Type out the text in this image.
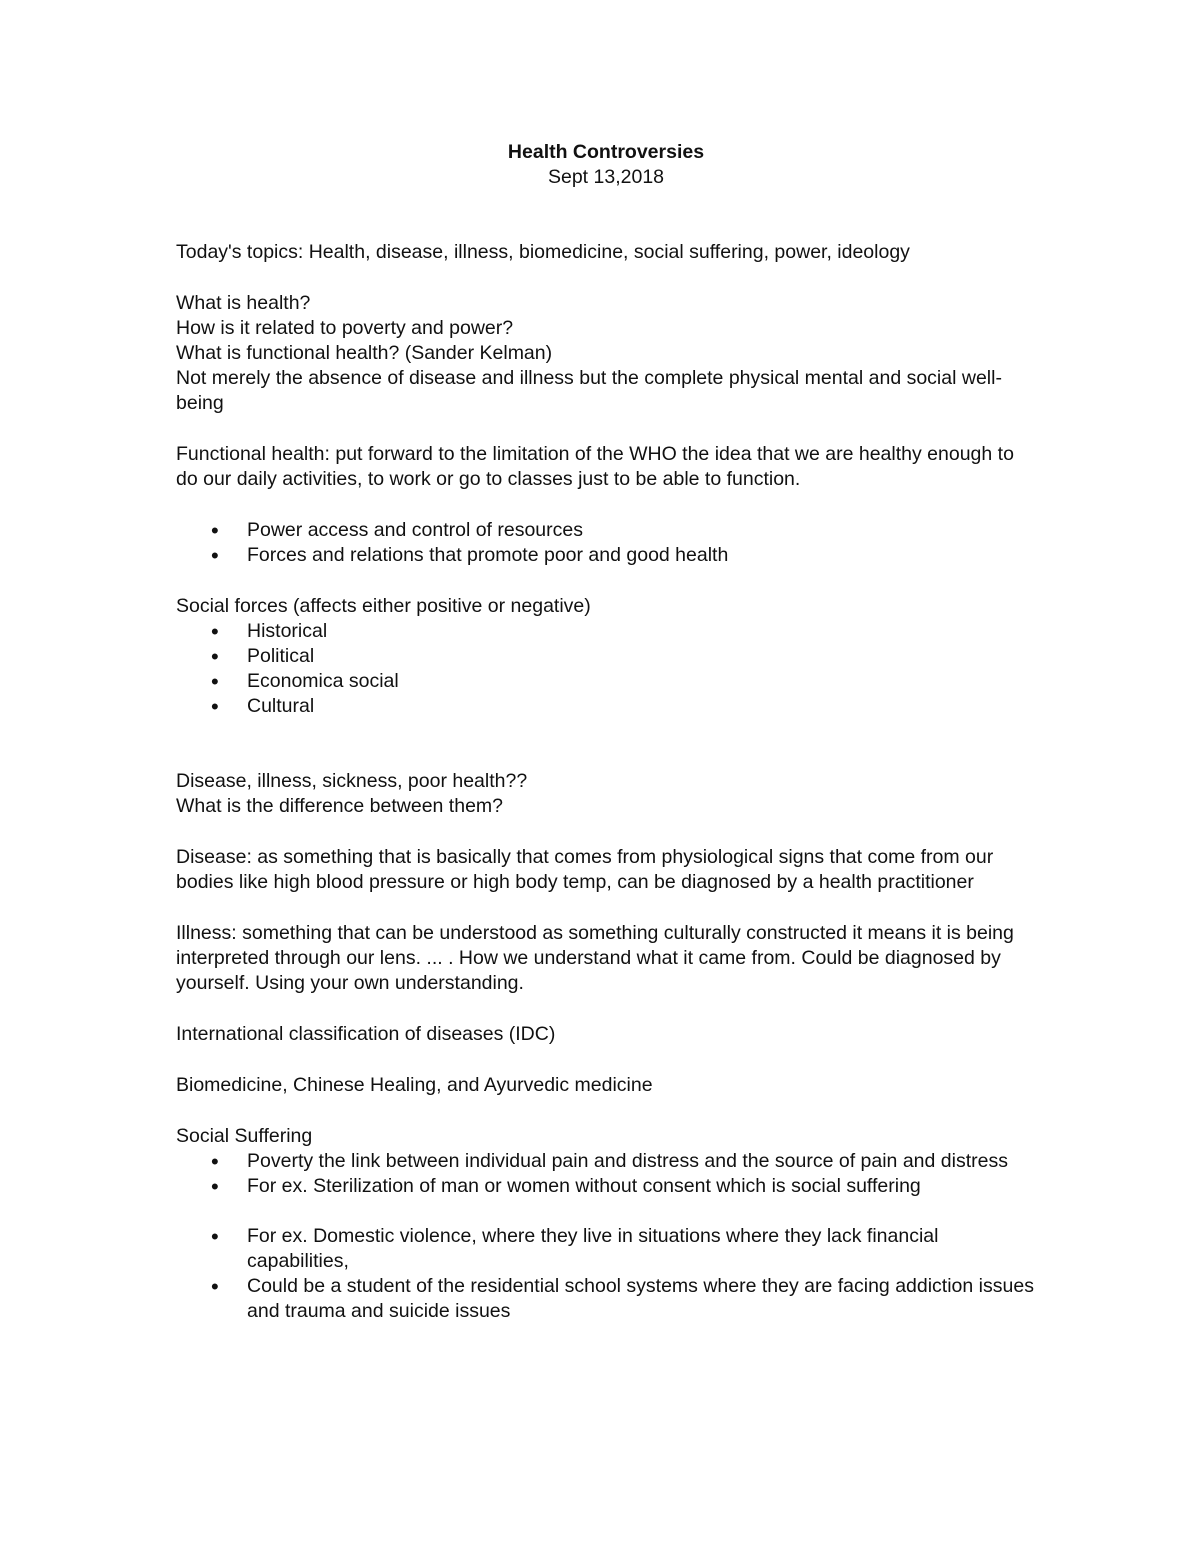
Health Controversies

Sept 13,2018

Today's topics: Health, disease, illness, biomedicine, social suffering, power, ideology

What is health?

How is it related to poverty and power?

What is functional health? (Sander Kelman)

Not merely the absence of disease and illness but the complete physical mental and social well-being

Functional health: put forward to the limitation of the WHO the idea that we are healthy enough to do our daily activities, to work or go to classes just to be able to function.

• Power access and control of resources
• Forces and relations that promote poor and good health

Social forces (affects either positive or negative)

• Historical
• Political
• Economica social
• Cultural

Disease, illness, sickness, poor health??

What is the difference between them?

Disease: as something that is basically that comes from physiological signs that come from our bodies like high blood pressure or high body temp, can be diagnosed by a health practitioner

Illness: something that can be understood as something culturally constructed it means it is being interpreted through our lens. ... . How we understand what it came from. Could be diagnosed by yourself. Using your own understanding.

International classification of diseases (IDC)

Biomedicine, Chinese Healing, and Ayurvedic medicine

Social Suffering

• Poverty the link between individual pain and distress and the source of pain and distress
• For ex. Sterilization of man or women without consent which is social suffering
• For ex. Domestic violence, where they live in situations where they lack financial capabilities,
• Could be a student of the residential school systems where they are facing addiction issues and trauma and suicide issues
